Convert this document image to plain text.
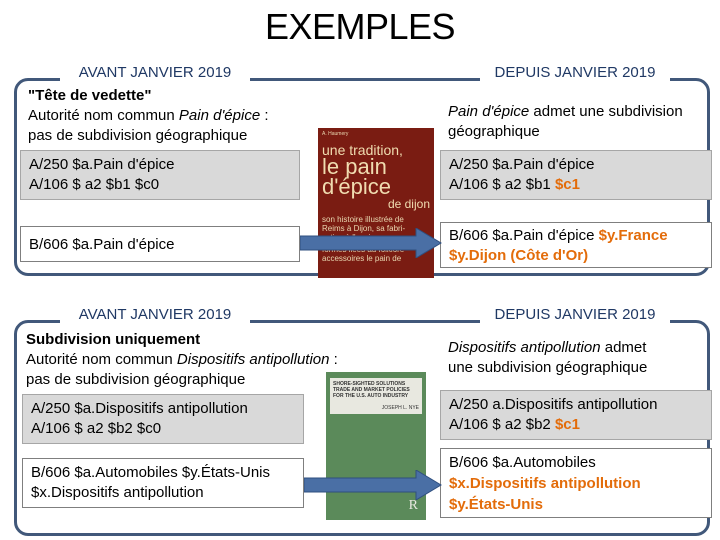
EXEMPLES
AVANT JANVIER 2019	DEPUIS JANVIER 2019
"Tête de vedette"
Autorité nom commun Pain d'épice :
pas de subdivision géographique
Pain d'épice admet une subdivision
géographique
A. Haumery
une tradition,
le pain
d'épice
de dijon
son histoire illustrée de
Reims à Dijon, sa fabri-
accessoires le pain de
A/250 $a.Pain d'épice
A/106 $ a2 $b1 $c0
B/606 $a.Pain d'épice
A/250 $a.Pain d'épice
A/106 $ a2 $b1 $c1
B/606 $a.Pain d'épice $y.France
$y.Dijon (Côte d'Or)
AVANT JANVIER 2019	DEPUIS JANVIER 2019
Subdivision uniquement
Autorité nom commun Dispositifs antipollution :
pas de subdivision géographique
Dispositifs antipollution admet
une subdivision géographique
SHORE-SIGHTED SOLUTIONS
TRADE AND MARKET POLICIES
FOR THE U.S. AUTO INDUSTRY
JOSEPH L. NYE
R
A/250 $a.Dispositifs antipollution
A/106 $ a2 $b2 $c0
B/606 $a.Automobiles $y.États-Unis
$x.Dispositifs antipollution
A/250 a.Dispositifs antipollution
A/106 $ a2 $b2 $c1
B/606 $a.Automobiles
$x.Dispositifs antipollution
$y.États-Unis
